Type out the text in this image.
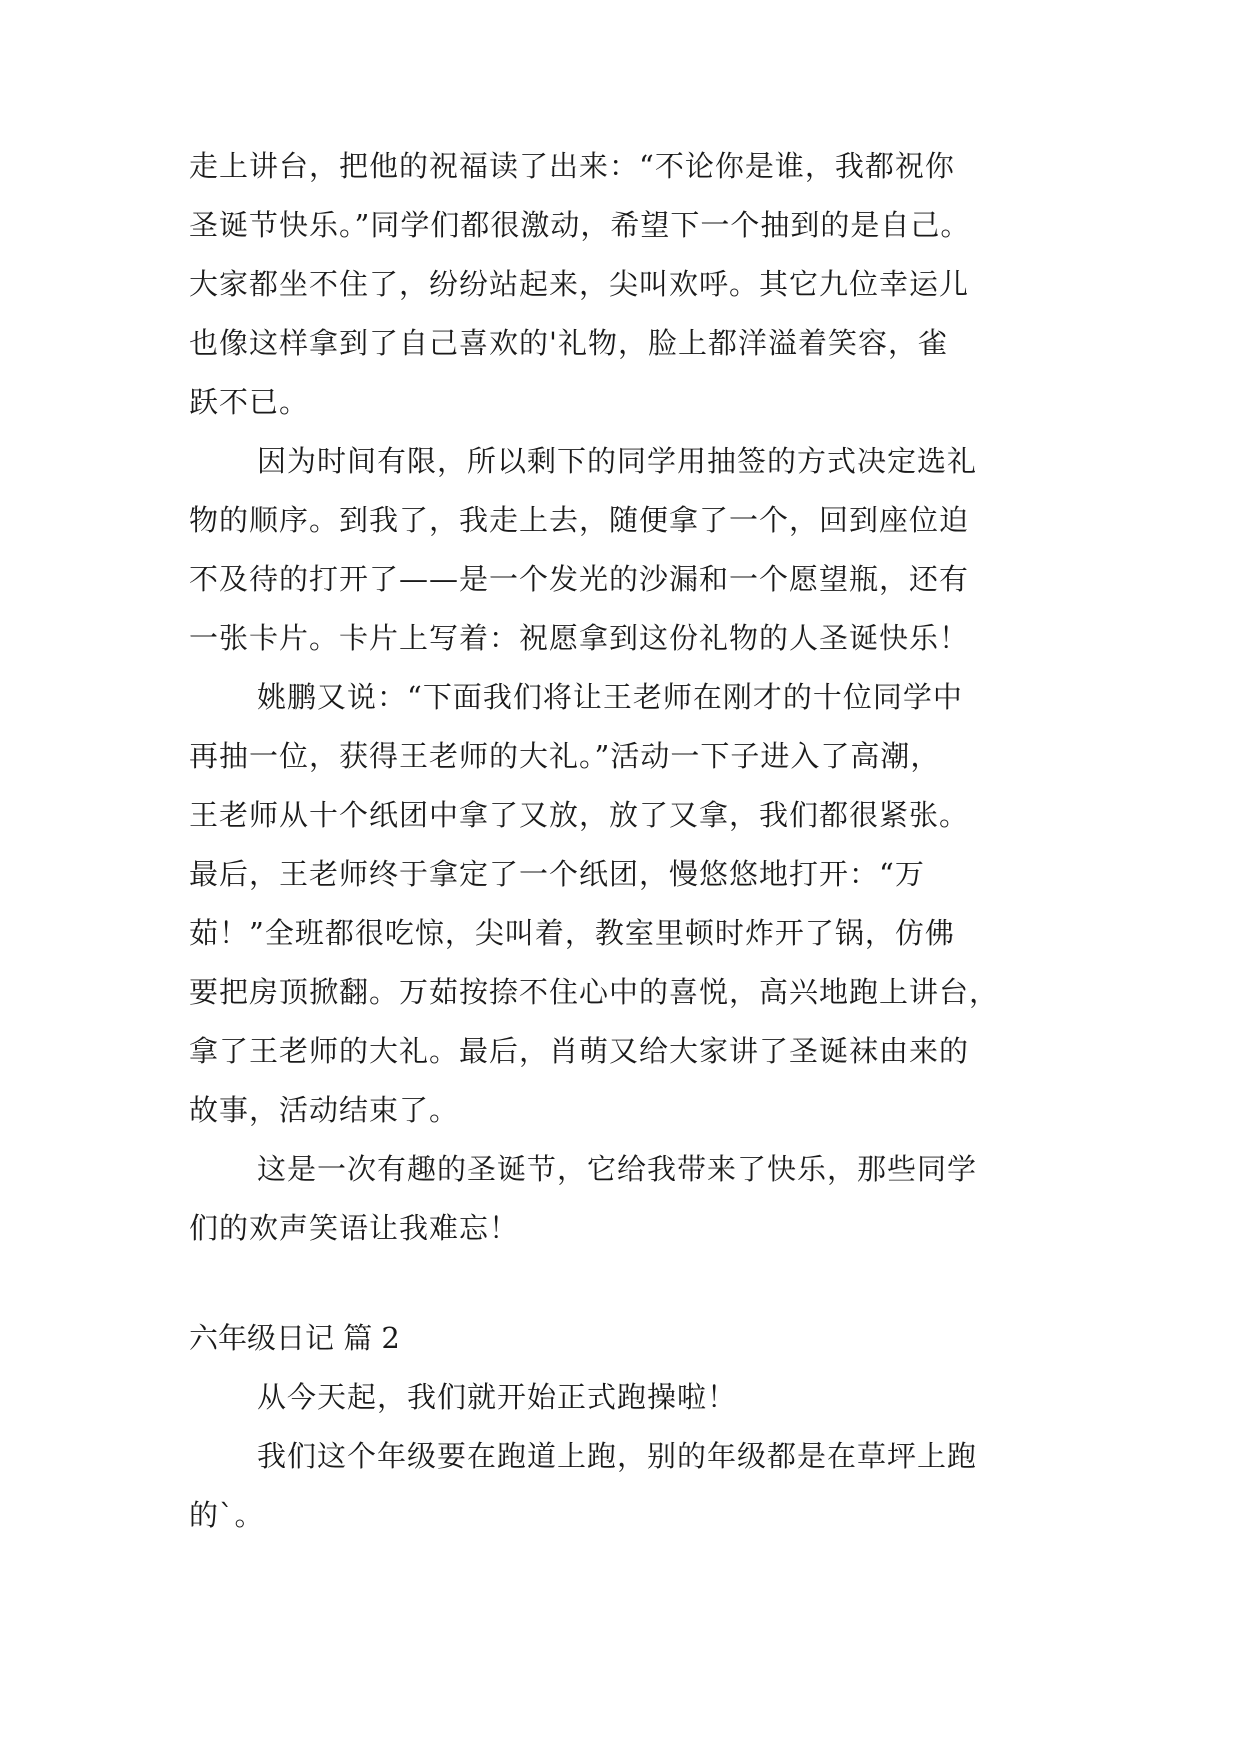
走上讲台，把他的祝福读了出来：“不论你是谁，我都祝你
圣诞节快乐。”同学们都很激动，希望下一个抽到的是自己。
大家都坐不住了，纷纷站起来，尖叫欢呼。其它九位幸运儿
也像这样拿到了自己喜欢的'礼物，脸上都洋溢着笑容，雀
跃不已。
因为时间有限，所以剩下的同学用抽签的方式决定选礼
物的顺序。到我了，我走上去，随便拿了一个，回到座位迫
不及待的打开了——是一个发光的沙漏和一个愿望瓶，还有
一张卡片。卡片上写着：祝愿拿到这份礼物的人圣诞快乐！
姚鹏又说：“下面我们将让王老师在刚才的十位同学中
再抽一位，获得王老师的大礼。”活动一下子进入了高潮，
王老师从十个纸团中拿了又放，放了又拿，我们都很紧张。
最后，王老师终于拿定了一个纸团，慢悠悠地打开：“万
茹！”全班都很吃惊，尖叫着，教室里顿时炸开了锅，仿佛
要把房顶掀翻。万茹按捺不住心中的喜悦，高兴地跑上讲台，
拿了王老师的大礼。最后，肖萌又给大家讲了圣诞袜由来的
故事，活动结束了。
这是一次有趣的圣诞节，它给我带来了快乐，那些同学
们的欢声笑语让我难忘！
六年级日记 篇 2
从今天起，我们就开始正式跑操啦！
我们这个年级要在跑道上跑，别的年级都是在草坪上跑
的`。
